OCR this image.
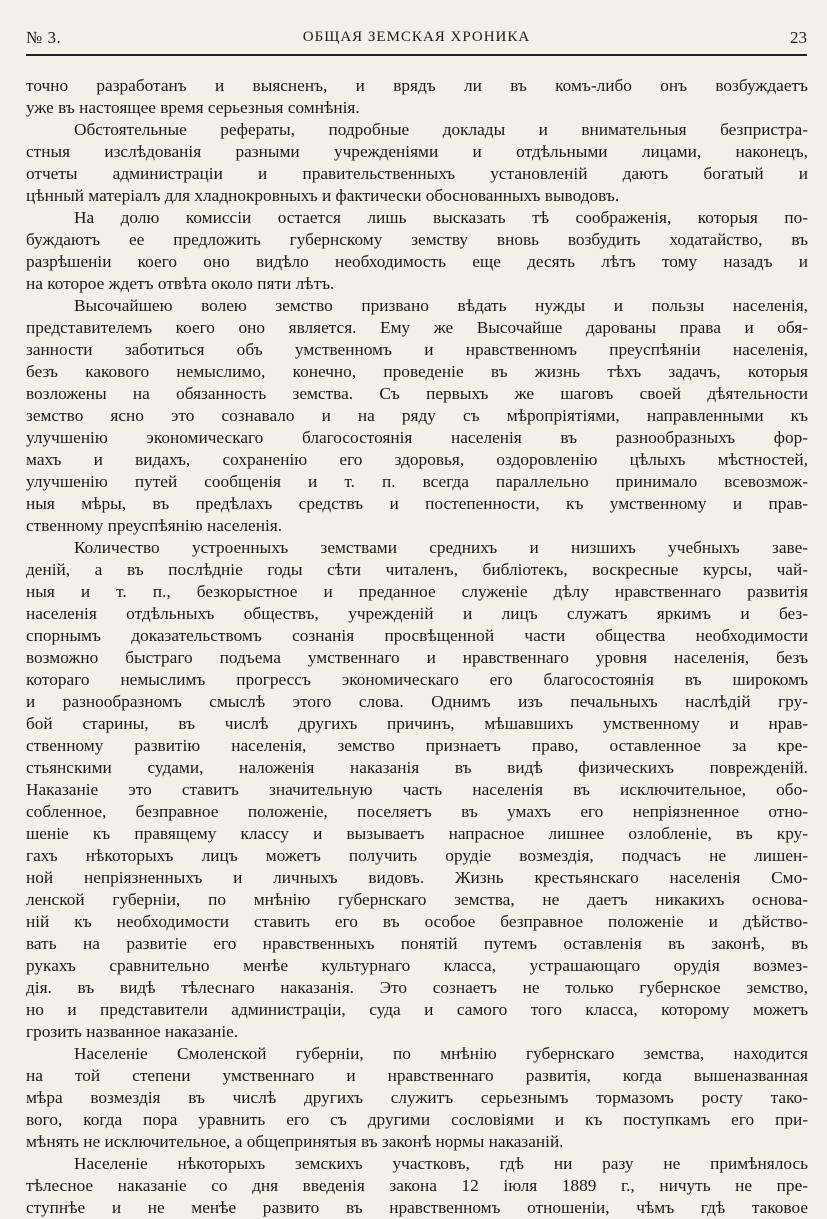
№ 3.	ОБЩАЯ ЗЕМСКАЯ ХРОНИКА	23
точно разработанъ и выясненъ, и врядъ ли въ комъ-либо онъ возбуждаетъ
уже въ настоящее время серьезныя сомнѣнія.
Обстоятельные рефераты, подробные доклады и внимательныя безпристра-
стныя изслѣдованія разными учрежденіями и отдѣльными лицами, наконецъ,
отчеты администраціи и правительственныхъ установленій даютъ богатый и
цѣнный матеріалъ для хладнокровныхъ и фактически обоснованныхъ выводовъ.
На долю комиссіи остается лишь высказать тѣ соображенія, которыя по-
буждаютъ ее предложить губернскому земству вновь возбудить ходатайство, въ
разрѣшеніи коего оно видѣло необходимость еще десять лѣтъ тому назадъ и
на которое ждетъ отвѣта около пяти лѣтъ.
Высочайшею волею земство призвано вѣдать нужды и пользы населенія,
представителемъ коего оно является. Ему же Высочайше дарованы права и обя-
занности заботиться объ умственномъ и нравственномъ преуспѣяніи населенія,
безъ какового немыслимо, конечно, проведеніе въ жизнь тѣхъ задачъ, которыя
возложены на обязанность земства. Съ первыхъ же шаговъ своей дѣятельности
земство ясно это сознавало и на ряду съ мѣропріятіями, направленными къ
улучшенію экономическаго благосостоянія населенія въ разнообразныхъ фор-
махъ и видахъ, сохраненію его здоровья, оздоровленію цѣлыхъ мѣстностей,
улучшенію путей сообщенія и т. п. всегда параллельно принимало всевозмож-
ныя мѣры, въ предѣлахъ средствъ и постепенности, къ умственному и прав-
ственному преуспѣянію населенія.
Количество устроенныхъ земствами среднихъ и низшихъ учебныхъ заве-
деній, а въ послѣдніе годы сѣти читаленъ, библіотекъ, воскресные курсы, чай-
ныя и т. п., безкорыстное и преданное служеніе дѣлу нравственнаго развитія
населенія отдѣльныхъ обществъ, учрежденій и лицъ служатъ яркимъ и без-
спорнымъ доказательствомъ сознанія просвѣщенной части общества необходимости
возможно быстраго подъема умственнаго и нравственнаго уровня населенія, безъ
котораго немыслимъ прогрессъ экономическаго его благосостоянія въ широкомъ
и разнообразномъ смыслѣ этого слова. Однимъ изъ печальныхъ наслѣдій гру-
бой старины, въ числѣ другихъ причинъ, мѣшавшихъ умственному и нрав-
ственному развитію населенія, земство признаетъ право, оставленное за кре-
стьянскими судами, наложенія наказанія въ видѣ физическихъ поврежденій.
Наказаніе это ставитъ значительную часть населенія въ исключительное, обо-
собленное, безправное положеніе, поселяетъ въ умахъ его непріязненное отно-
шеніе къ правящему классу и вызываетъ напрасное лишнее озлобленіе, въ кру-
гахъ нѣкоторыхъ лицъ можетъ получить орудіе возмездія, подчасъ не лишен-
ной непріязненныхъ и личныхъ видовъ. Жизнь крестьянскаго населенія Смо-
ленской губерніи, по мнѣнію губернскаго земства, не даетъ никакихъ основа-
ній къ необходимости ставить его въ особое безправное положеніе и дѣйство-
вать на развитіе его нравственныхъ понятій путемъ оставленія въ законѣ, въ
рукахъ сравнительно менѣе культурнаго класса, устрашающаго орудія возмез-
дія. въ видѣ тѣлеснаго наказанія. Это сознаетъ не только губернское земство,
но и представители администраціи, суда и самого того класса, которому можетъ
грозить названное наказаніе.
Населеніе Смоленской губерніи, по мнѣнію губернскаго земства, находится
на той степени умственнаго и нравственнаго развитія, когда вышеназванная
мѣра возмездія въ числѣ другихъ служитъ серьезнымъ тормазомъ росту тако-
вого, когда пора уравнить его съ другими сословіями и къ поступкамъ его при-
мѣнять не исключительное, а общепринятыя въ законѣ нормы наказаній.
Населеніе нѣкоторыхъ земскихъ участковъ, гдѣ ни разу не примѣнялось
тѣлесное наказаніе со дня введенія закона 12 іюля 1889 г., ничуть не пре-
ступнѣе и не менѣе развито въ нравственномъ отношеніи, чѣмъ гдѣ таковое
